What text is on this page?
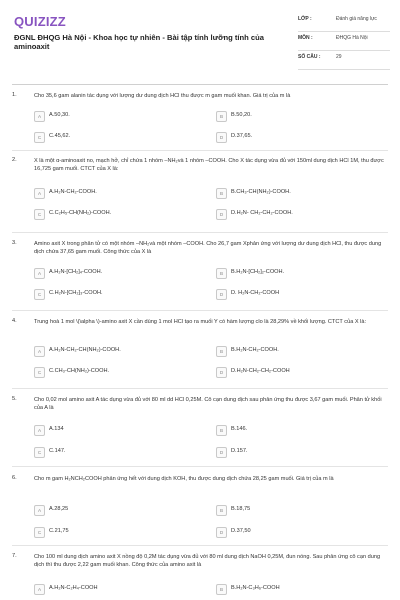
QUIZIZZ
ĐGNL ĐHQG Hà Nội - Khoa học tự nhiên - Bài tập tính lưỡng tính của aminoaxit
LỚP :	Đánh giá năng lực
MÔN :	ĐHQG Hà Nội
SỐ CÂU :	29
1.	Cho 35,6 gam alanin tác dụng với lượng dư dung dịch HCl thu được m gam muối khan. Giá trị của m là
A	A.50,30.	B	B.50,20.
C	C.45,62.	D	D.37,65.
2.	X là một α-aminoaxit no, mạch hở, chỉ chứa 1 nhóm –NH₂và 1 nhóm –COOH. Cho X tác dụng vừa đủ với 150ml dung dịch HCl 1M, thu được 16,725 gam muối. CTCT của X là:
A	A.H₂N-CH₂-COOH.	B	B.CH₃-CH(NH₂)-COOH.
C	C.C₂H₅-CH(NH₂)-COOH.	D	D.H₂N- CH₂-CH₂-COOH.
3.	Amino axit X trong phân tử có một nhóm –NH₂và một nhóm –COOH. Cho 26,7 gam Xphản ứng với lượng dư dung dịch HCl, thu được dung dịch chứa 37,65 gam muối. Công thức của X là
A	A.H₂N-[CH₂]₄-COOH.	B	B.H₂N-[CH₂]₂-COOH.
C	C.H₂N-[CH₂]₃-COOH.	D	D. H₂N-CH₂-COOH
4.	Trung hoà 1 mol \(\alpha \)-amino axit X cần dùng 1 mol HCl tạo ra muối Y có hàm lượng clo là 28,29% về khối lượng. CTCT của X là:
A	A.H₂N-CH₂-CH(NH₂)-COOH.	B	B.H₂N-CH₂-COOH.
C	C.CH₃-CH(NH₂)-COOH.	D	D.H₂N-CH₂-CH₂-COOH
5.	Cho 0,02 mol amino axit A tác dụng vừa đủ với 80 ml dd HCl 0,25M. Cô cạn dung dịch sau phản ứng thu được 3,67 gam muối. Phân tử khối của A là
A	A.134	B	B.146.
C	C.147.	D	D.157.
6.	Cho m gam H₂NCH₂COOH phản ứng hết với dung dịch KOH, thu được dung dịch chứa 28,25 gam muối. Giá trị của m là
A	A.28,25	B	B.18,75
C	C.21,75	D	D.37,50
7.	Cho 100 ml dung dịch amino axit X nồng độ 0,2M tác dụng vừa đủ với 80 ml dung dịch NaOH 0,25M, đun nóng. Sau phản ứng cô cạn dung dịch thì thu được 2,22 gam muối khan. Công thức của amino axit là
A	A.H₂N-C₂H₄-COOH	B	B.H₂N-C₃H₆-COOH
